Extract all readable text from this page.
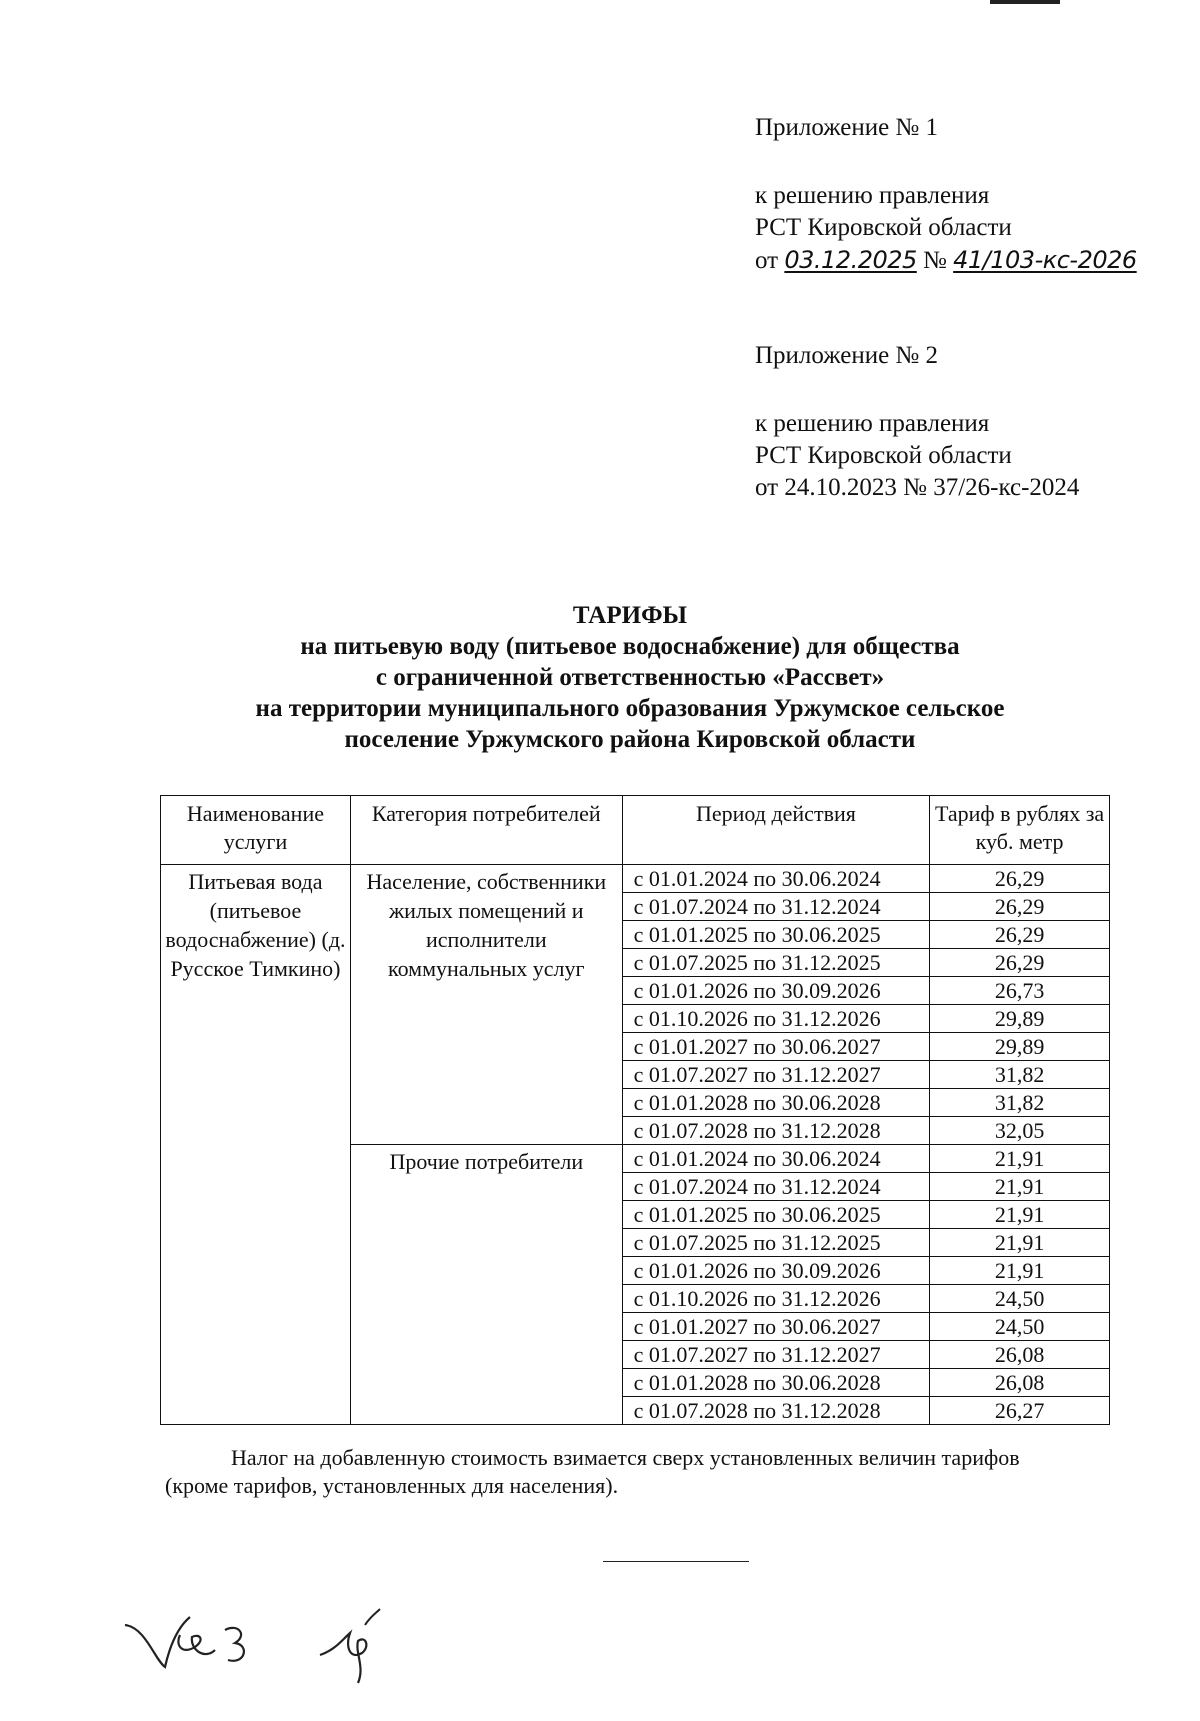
Приложение № 1
к решению правления
РСТ Кировской области
от 03.12.2025 № 41/103-кс-2026
Приложение № 2
к решению правления
РСТ Кировской области
от 24.10.2023 № 37/26-кс-2024
ТАРИФЫ
на питьевую воду (питьевое водоснабжение) для общества
с ограниченной ответственностью «Рассвет»
на территории муниципального образования Уржумское сельское
поселение Уржумского района Кировской области
Наименование услуги	Категория потребителей	Период действия	Тариф в рублях за куб. метр
Питьевая вода (питьевое водоснабжение) (д. Русское Тимкино)	Население, собственники жилых помещений и исполнители коммунальных услуг	с 01.01.2024 по 30.06.2024	26,29
		с 01.07.2024 по 31.12.2024	26,29
		с 01.01.2025 по 30.06.2025	26,29
		с 01.07.2025 по 31.12.2025	26,29
		с 01.01.2026 по 30.09.2026	26,73
		с 01.10.2026 по 31.12.2026	29,89
		с 01.01.2027 по 30.06.2027	29,89
		с 01.07.2027 по 31.12.2027	31,82
		с 01.01.2028 по 30.06.2028	31,82
		с 01.07.2028 по 31.12.2028	32,05
	Прочие потребители	с 01.01.2024 по 30.06.2024	21,91
		с 01.07.2024 по 31.12.2024	21,91
		с 01.01.2025 по 30.06.2025	21,91
		с 01.07.2025 по 31.12.2025	21,91
		с 01.01.2026 по 30.09.2026	21,91
		с 01.10.2026 по 31.12.2026	24,50
		с 01.01.2027 по 30.06.2027	24,50
		с 01.07.2027 по 31.12.2027	26,08
		с 01.01.2028 по 30.06.2028	26,08
		с 01.07.2028 по 31.12.2028	26,27
Налог на добавленную стоимость взимается сверх установленных величин тарифов
(кроме тарифов, установленных для населения).
